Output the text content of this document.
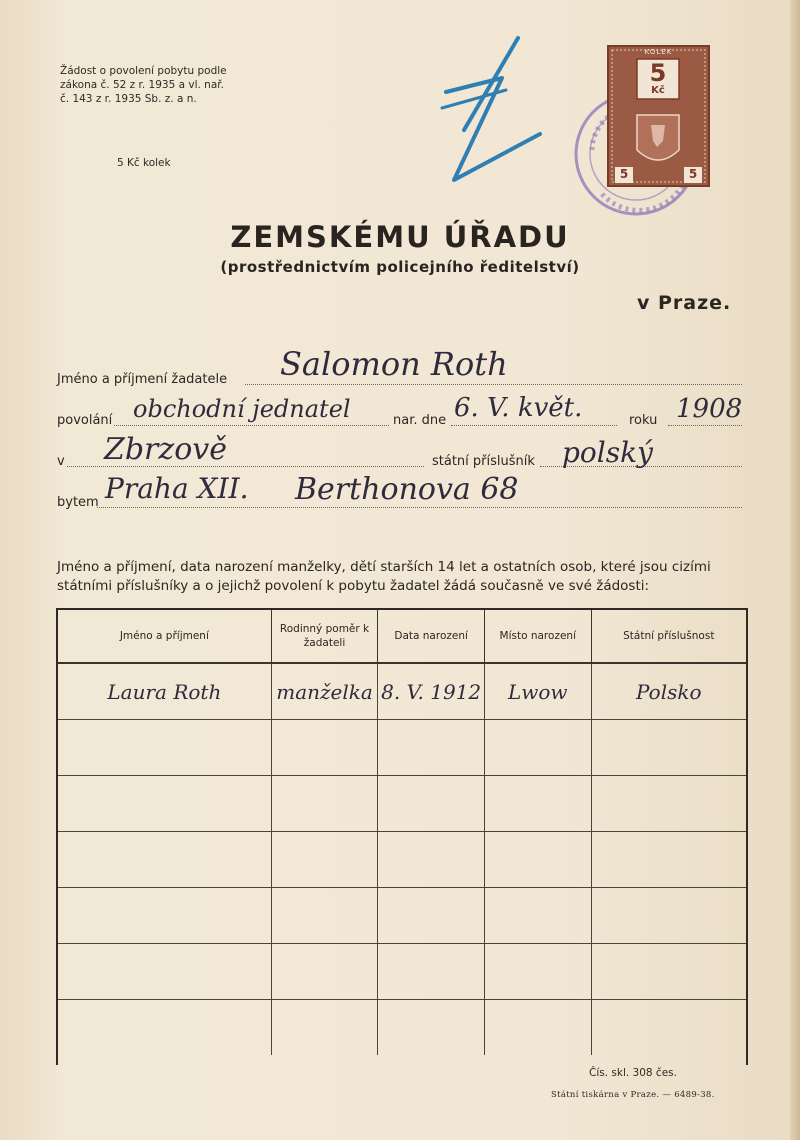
Žádost o povolení pobytu podle
zákona č. 52 z r. 1935 a vl. nař.
č. 143 z r. 1935 Sb. z. a n.
5 Kč kolek
KOLEK
5
Kč
5	5
ZEMSKÉMU ÚŘADU
(prostřednictvím policejního ředitelství)
v Praze.
Jméno a příjmení žadatele Salomon Roth
povolání obchodní jednatel	nar. dne 6. V. květ.	roku 1908
v Zbrzově	státní příslušník polský
bytem Praha XII. Berthonova 68
Jméno a příjmení, data narození manželky, dětí starších 14 let a ostatních osob, které jsou cizími státními příslušníky a o jejichž povolení k pobytu žadatel žádá současně ve své žádosti:
Jméno a příjmení	Rodinný poměr k žadateli	Data narození	Místo narození	Státní příslušnost
Laura Roth	manželka	8. V. 1912	Lwow	Polsko

Čís. skl. 308 čes.
Státní tiskárna v Praze. — 6489-38.
